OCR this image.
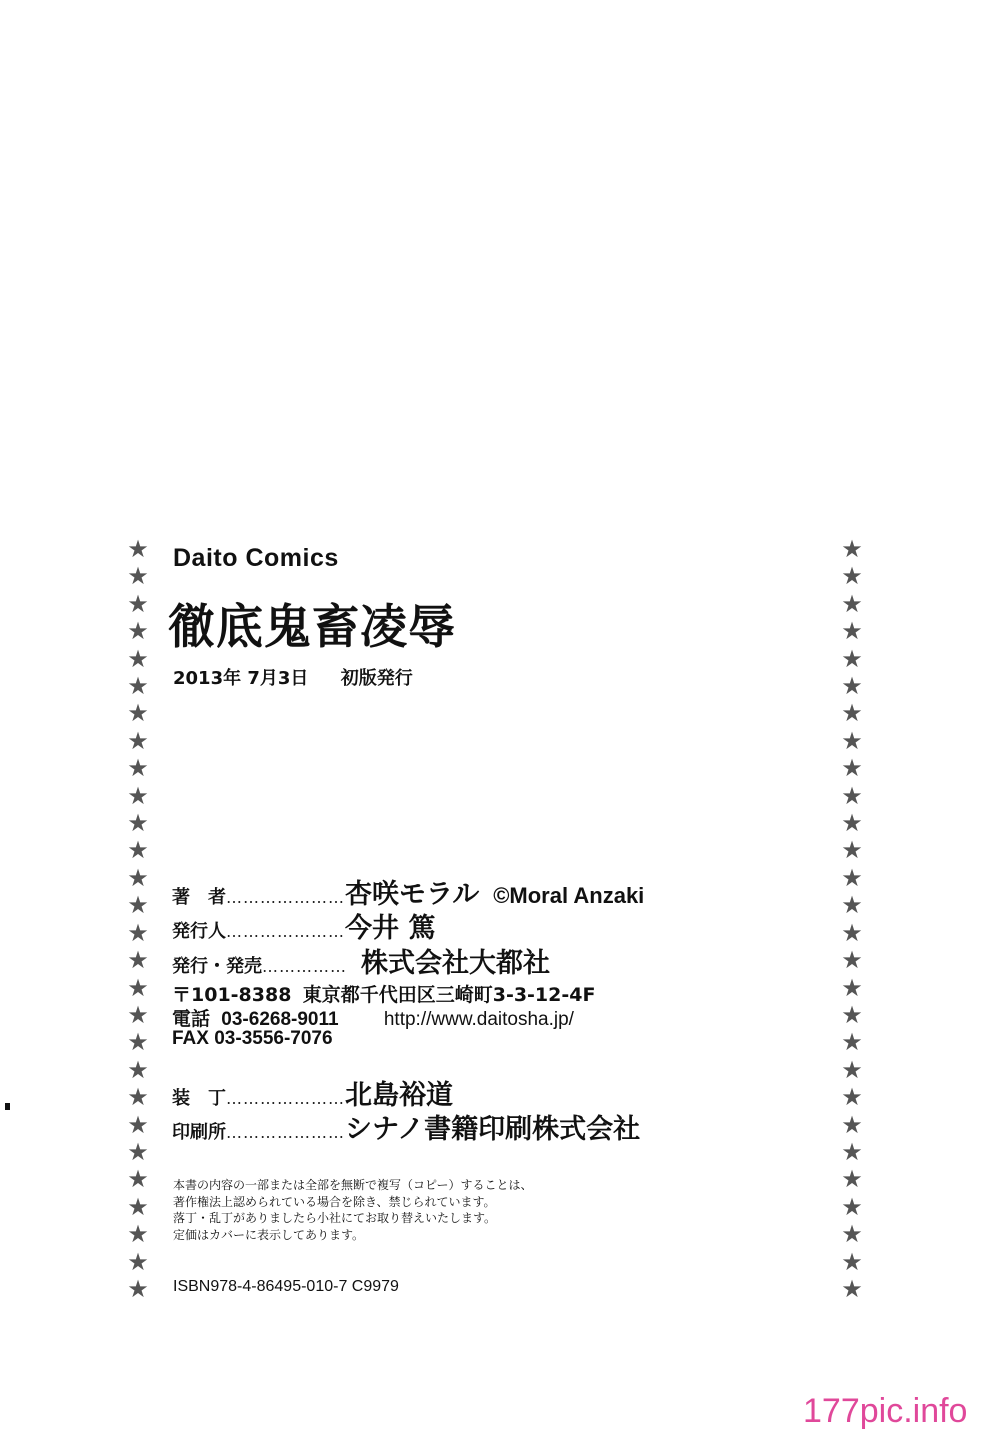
★
★
★
★
★
★
★
★
★
★
★
★
★
★
★
★
★
★
★
★
★
★
★
★
★
★
★
★
★
★
★
★
★
★
★
★
★
★
★
★
★
★
★
★
★
★
★
★
★
★
★
★
★
★
★
★
Daito Comics
徹底鬼畜凌辱
2013年 7月3日 初版発行
著　者 ………………… 杏咲モラル ©Moral Anzaki
発行人 ………………… 今井 篤
発行・発売 …………… 株式会社大都社
〒101-8388 東京都千代田区三崎町3-3-12-4F
電話 03-6268-9011 http://www.daitosha.jp/
FAX 03-3556-7076
装　丁 ………………… 北島裕道
印刷所 ………………… シナノ書籍印刷株式会社
本書の内容の一部または全部を無断で複写（コピー）することは、
著作権法上認められている場合を除き、禁じられています。
落丁・乱丁がありましたら小社にてお取り替えいたします。
定価はカバーに表示してあります。
ISBN978-4-86495-010-7 C9979
177pic.info
